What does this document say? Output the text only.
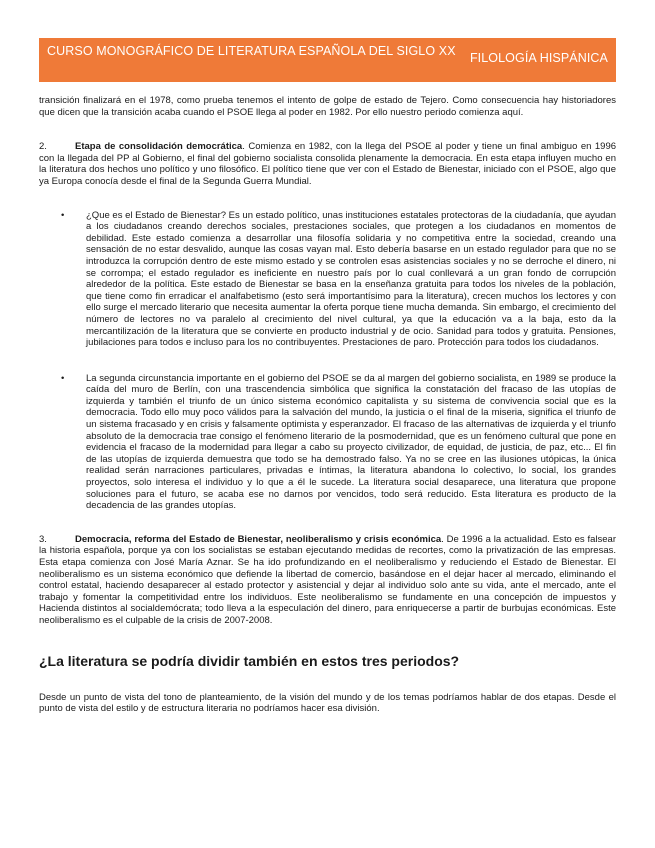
CURSO MONOGRÁFICO DE LITERATURA ESPAÑOLA DEL SIGLO XX	FILOLOGÍA HISPÁNICA

transición finalizará en el 1978, como prueba tenemos el intento de golpe de estado de Tejero. Como consecuencia hay historiadores que dicen que la transición acaba cuando el PSOE llega al poder en 1982. Por ello nuestro periodo comienza aquí.

2.	Etapa de consolidación democrática. Comienza en 1982, con la llega del PSOE al poder y tiene un final ambiguo en 1996 con la llegada del PP al Gobierno, el final del gobierno socialista consolida plenamente la democracia. En esta etapa influyen mucho en la literatura dos hechos uno político y uno filosófico. El político tiene que ver con el Estado de Bienestar, iniciado con el PSOE, algo que ya Europa conocía desde el final de la Segunda Guerra Mundial.

• ¿Que es el Estado de Bienestar? Es un estado político, unas instituciones estatales protectoras de la ciudadanía, que ayudan a los ciudadanos creando derechos sociales, prestaciones sociales, que protegen a los ciudadanos en momentos de debilidad. Este estado comienza a desarrollar una filosofía solidaria y no competitiva entre la sociedad, creando una sensación de no estar desvalido, aunque las cosas vayan mal. Esto debería basarse en un estado regulador para que no se introduzca la corrupción dentro de este mismo estado y se controlen esas asistencias sociales y no se derroche el dinero, ni se corrompa; el estado regulador es ineficiente en nuestro país por lo cual conllevará a un gran fondo de corrupción alrededor de la política. Este estado de Bienestar se basa en la enseñanza gratuita para todos los niveles de la población, que tiene como fin erradicar el analfabetismo (esto será importantísimo para la literatura), crecen muchos los lectores y con ello surge el mercado literario que necesita aumentar la oferta porque tiene mucha demanda. Sin embargo, el crecimiento del número de lectores no va paralelo al crecimiento del nivel cultural, ya que la educación va a la baja, esto da la mercantilización de la literatura que se convierte en producto industrial y de ocio. Sanidad para todos y gratuita. Pensiones, jubilaciones para todos e incluso para los no contribuyentes. Prestaciones de paro. Protección para todos los ciudadanos.
• La segunda circunstancia importante en el gobierno del PSOE se da al margen del gobierno socialista, en 1989 se produce la caída del muro de Berlín, con una trascendencia simbólica que significa la constatación del fracaso de las utopías de izquierda y también el triunfo de un único sistema económico capitalista y su sistema de convivencia social que es la democracia. Todo ello muy poco válidos para la salvación del mundo, la justicia o el final de la miseria, significa el triunfo de un sistema fracasado y en crisis y falsamente optimista y esperanzador. El fracaso de las alternativas de izquierda y el triunfo absoluto de la democracia trae consigo el fenómeno literario de la posmodernidad, que es un fenómeno cultural que pone en evidencia el fracaso de la modernidad para llegar a cabo su proyecto civilizador, de equidad, de justicia, de paz, etc... El fin de las utopías de izquierda demuestra que todo se ha demostrado falso. Ya no se cree en las ilusiones utópicas, la única realidad serán narraciones particulares, privadas e íntimas, la literatura abandona lo colectivo, lo social, los grandes proyectos, solo interesa el individuo y lo que a él le sucede. La literatura social desaparece, una literatura que propone soluciones para el futuro, se acaba ese no darnos por vencidos, todo será reducido. Esta literatura es producto de la decadencia de las grandes utopías.

3.	Democracia, reforma del Estado de Bienestar, neoliberalismo y crisis económica. De 1996 a la actualidad. Esto es falsear la historia española, porque ya con los socialistas se estaban ejecutando medidas de recortes, como la privatización de las empresas. Esta etapa comienza con José María Aznar. Se ha ido profundizando en el neoliberalismo y reduciendo el Estado de Bienestar. El neoliberalismo es un sistema económico que defiende la libertad de comercio, basándose en el dejar hacer al mercado, eliminando el control estatal, haciendo desaparecer al estado protector y asistencial y dejar al individuo solo ante su vida, ante el mercado, ante el trabajo y fomentar la competitividad entre los individuos. Este neoliberalismo se fundamente en una concepción de impuestos y Hacienda distintos al socialdemócrata; todo lleva a la especulación del dinero, para enriquecerse a partir de burbujas económicas. Este neoliberalismo es el culpable de la crisis de 2007-2008.

¿La literatura se podría dividir también en estos tres periodos?

Desde un punto de vista del tono de planteamiento, de la visión del mundo y de los temas podríamos hablar de dos etapas. Desde el punto de vista del estilo y de estructura literaria no podríamos hacer esa división.
